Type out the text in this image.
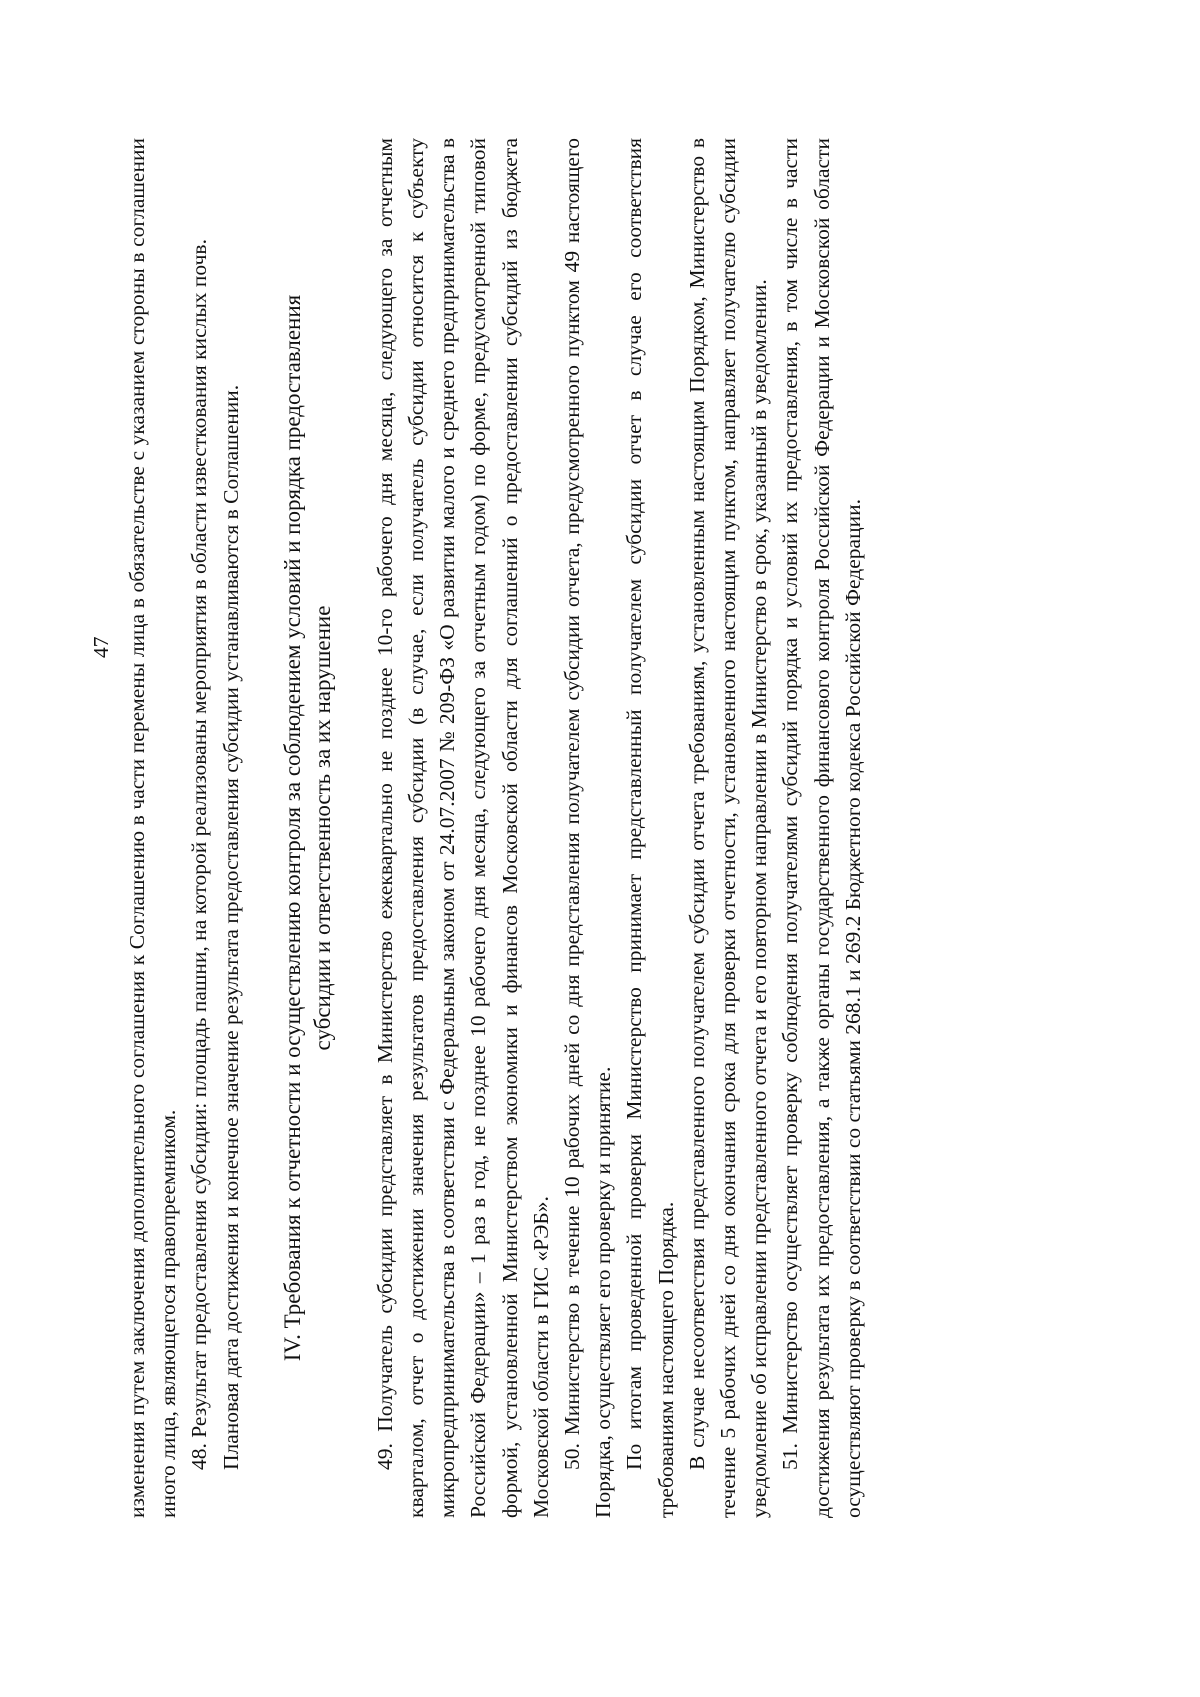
47 изменения путем заключения дополнительного соглашения к Соглашению в части перемены лица в обязательстве с указанием стороны в соглашении иного лица, являющегося правопреемником. 48. Результат предоставления субсидии: площадь пашни, на которой реализованы мероприятия в области известкования кислых почв. Плановая дата достижения и конечное значение результата предоставления субсидии устанавливаются в Соглашении. IV. Требования к отчетности и осуществлению контроля за соблюдением условий и порядка предоставления субсидии и ответственность за их нарушение 49. Получатель субсидии представляет в Министерство ежеквартально не позднее 10-го рабочего дня месяца, следующего за отчетным кварталом, отчет о достижении значения результатов предоставления субсидии (в случае, если получатель субсидии относится к субъекту микропредпринимательства в соответствии с Федеральным законом от 24.07.2007 № 209-ФЗ «О развитии малого и среднего предпринимательства в Российской Федерации» – 1 раз в год, не позднее 10 рабочего дня месяца, следующего за отчетным годом) по форме, предусмотренной типовой формой, установленной Министерством экономики и финансов Московской области для соглашений о предоставлении субсидий из бюджета Московской области в ГИС «РЭБ». 50. Министерство в течение 10 рабочих дней со дня представления получателем субсидии отчета, предусмотренного пунктом 49 настоящего Порядка, осуществляет его проверку и принятие. По итогам проведенной проверки Министерство принимает представленный получателем субсидии отчет в случае его соответствия требованиям настоящего Порядка. В случае несоответствия представленного получателем субсидии отчета требованиям, установленным настоящим Порядком, Министерство в течение 5 рабочих дней со дня окончания срока для проверки отчетности, установленного настоящим пунктом, направляет получателю субсидии уведомление об исправлении представленного отчета и его повторном направлении в Министерство в срок, указанный в уведомлении. 51. Министерство осуществляет проверку соблюдения получателями субсидий порядка и условий их предоставления, в том числе в части достижения результата их предоставления, а также органы государственного финансового контроля Российской Федерации и Московской области осуществляют проверку в соответствии со статьями 268.1 и 269.2 Бюджетного кодекса Российской Федерации.
